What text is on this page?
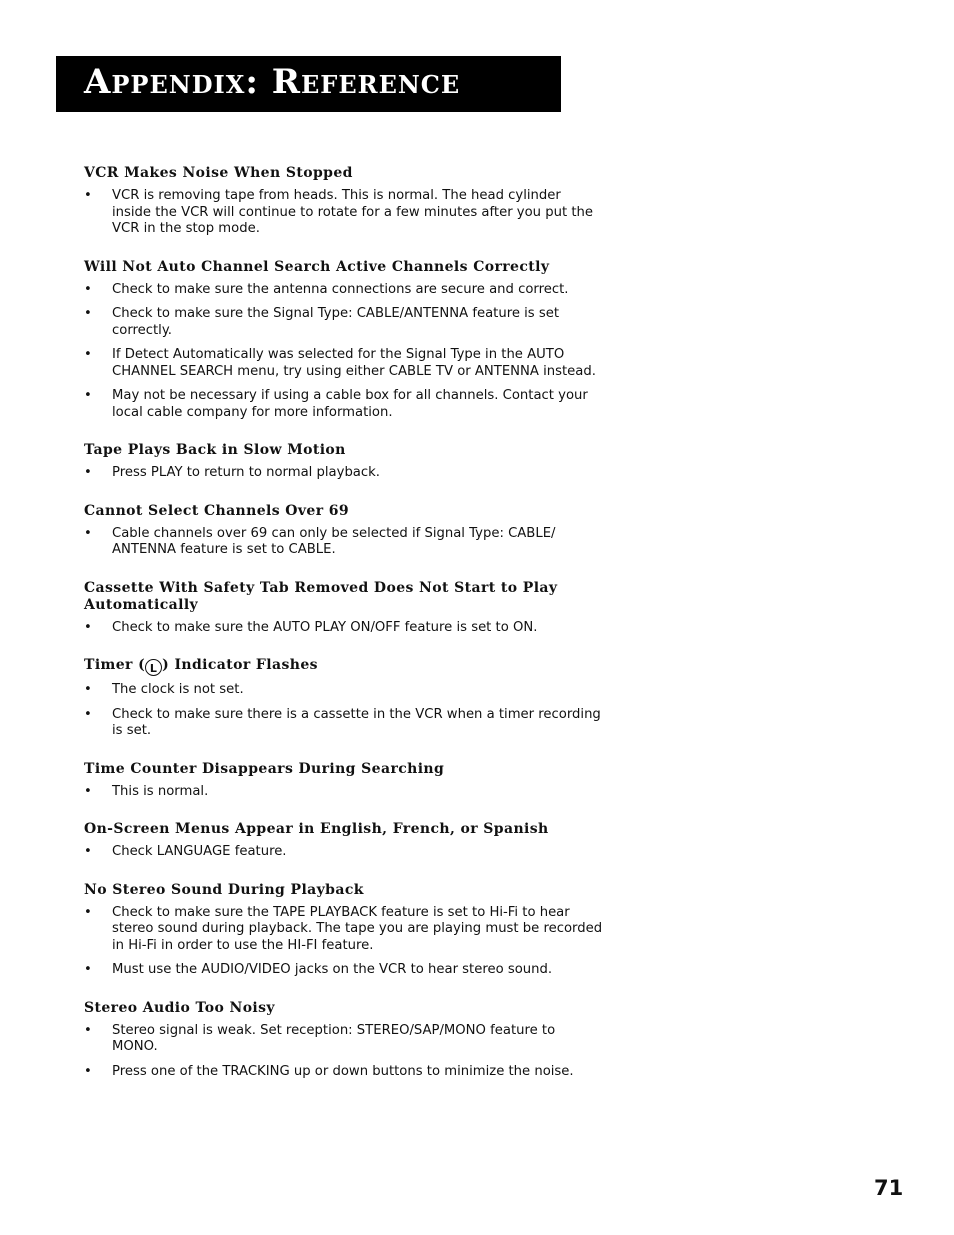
Appendix: Reference
VCR Makes Noise When Stopped
• VCR is removing tape from heads. This is normal. The head cylinder inside the VCR will continue to rotate for a few minutes after you put the VCR in the stop mode.
Will Not Auto Channel Search Active Channels Correctly
• Check to make sure the antenna connections are secure and correct.
• Check to make sure the Signal Type: CABLE/ANTENNA feature is set correctly.
• If Detect Automatically was selected for the Signal Type in the AUTO CHANNEL SEARCH menu, try using either CABLE TV or ANTENNA instead.
• May not be necessary if using a cable box for all channels. Contact your local cable company for more information.
Tape Plays Back in Slow Motion
• Press PLAY to return to normal playback.
Cannot Select Channels Over 69
• Cable channels over 69 can only be selected if Signal Type: CABLE/ ANTENNA feature is set to CABLE.
Cassette With Safety Tab Removed Does Not Start to Play Automatically
• Check to make sure the AUTO PLAY ON/OFF feature is set to ON.
Timer ( L ) Indicator Flashes
• The clock is not set.
• Check to make sure there is a cassette in the VCR when a timer recording is set.
Time Counter Disappears During Searching
• This is normal.
On-Screen Menus Appear in English, French, or Spanish
• Check LANGUAGE feature.
No Stereo Sound During Playback
• Check to make sure the TAPE PLAYBACK feature is set to Hi-Fi to hear stereo sound during playback. The tape you are playing must be recorded in Hi-Fi in order to use the HI-FI feature.
• Must use the AUDIO/VIDEO jacks on the VCR to hear stereo sound.
Stereo Audio Too Noisy
• Stereo signal is weak. Set reception: STEREO/SAP/MONO feature to MONO.
• Press one of the TRACKING up or down buttons to minimize the noise.
71
